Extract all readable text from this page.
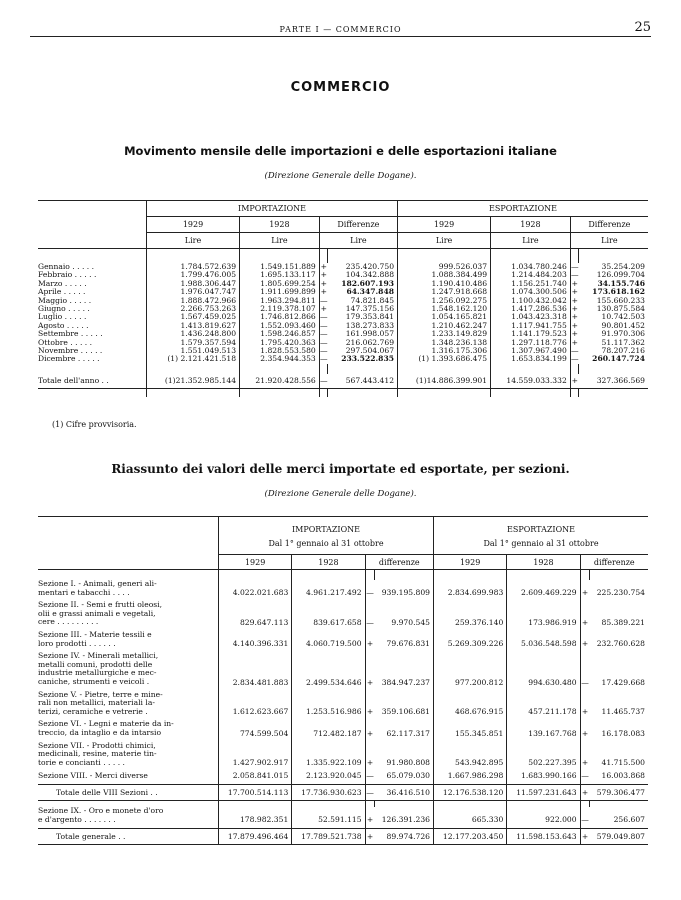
PARTE I — COMMERCIO	25
COMMERCIO
Movimento mensile delle importazioni e delle esportazioni italiane
(Direzione Generale delle Dogane).
	IMPORTAZIONE				ESPORTAZIONE			
	1929	1928	Differenze		1929	1928	Differenze	
	Lire	Lire	Lire		Lire	Lire	Lire	

Gennaio . . . . .	1.784.572.639	1.549.151.889	+	235.420.750	999.526.037	1.034.780.246	—	35.254.209
Febbraio . . . . .	1.799.476.005	1.695.133.117	+	104.342.888	1.088.384.499	1.214.484.203	—	126.099.704
Marzo . . . . .	1.988.306.447	1.805.699.254	+	182.607.193	1.190.410.486	1.156.251.740	+	34.155.746
Aprile . . . . .	1.976.047.747	1.911.699.899	+	64.347.848	1.247.918.668	1.074.300.506	+	173.618.162
Maggio . . . . .	1.888.472.966	1.963.294.811	—	74.821.845	1.256.092.275	1.100.432.042	+	155.660.233
Giugno . . . . .	2.266.753.263	2.119.378.107	+	147.375.156	1.548.162.120	1.417.286.536	+	130.875.584
Luglio . . . . .	1.567.459.025	1.746.812.866	—	179.353.841	1.054.165.821	1.043.423.318	+	10.742.503
Agosto . . . . .	1.413.819.627	1.552.093.460	—	138.273.833	1.210.462.247	1.117.941.755	+	90.801.452
Settembre . . . . .	1.436.248.800	1.598.246.857	—	161.998.057	1.233.149.829	1.141.179.523	+	91.970.306
Ottobre . . . . .	1.579.357.594	1.795.420.363	—	216.062.769	1.348.236.138	1.297.118.776	+	51.117.362
Novembre . . . . .	1.551.049.513	1.828.553.580	—	297.504.067	1.316.175.306	1.307.967.490	—	78.207.216
Dicembre . . . . .	(1) 2.121.421.518	2.354.944.353	—	233.522.835	(1) 1.393.686.475	1.653.834.199	—	260.147.724

Totale dell'anno . .	(1)21.352.985.144	21.920.428.556	—	567.443.412	(1)14.886.399.901	14.559.033.332	+	327.366.569

(1) Cifre provvisoria.
Riassunto dei valori delle merci importate ed esportate, per sezioni.
(Direzione Generale delle Dogane).
	IMPORTAZIONE				ESPORTAZIONE			
	Dal 1° gennaio al 31 ottobre				Dal 1° gennaio al 31 ottobre			
	1929	1928	differenze		1929	1928	differenze	

Sezione I. - Animali, generi ali-
mentari e tabacchi . . . .	4.022.021.683	4.961.217.492	—	939.195.809	2.834.699.983	2.609.469.229	+	225.230.754

Sezione II. - Semi e frutti oleosi,
olii e grassi animali e vegetali,
cere . . . . . . . . .	829.647.113	839.617.658	—	9.970.545	259.376.140	173.986.919	+	85.389.221

Sezione III. - Materie tessili e
loro prodotti . . . . . .	4.140.396.331	4.060.719.500	+	79.676.831	5.269.309.226	5.036.548.598	+	232.760.628

Sezione IV. - Minerali metallici,
metalli comuni, prodotti delle
industrie metallurgiche e mec-
caniche, strumenti e veicoli .	2.834.481.883	2.499.534.646	+	384.947.237	977.200.812	994.630.480	—	17.429.668

Sezione V. - Pietre, terre e mine-
rali non metallici, materiali la-
terizi, ceramiche e vetrerie .	1.612.623.667	1.253.516.986	+	359.106.681	468.676.915	457.211.178	+	11.465.737

Sezione VI. - Legni e materie da in-
treccio, da intaglio e da intarsio	774.599.504	712.482.187	+	62.117.317	155.345.851	139.167.768	+	16.178.083

Sezione VII. - Prodotti chimici,
medicinali, resine, materie tin-
torie e concianti . . . . .	1.427.902.917	1.335.922.109	+	91.980.808	543.942.895	502.227.395	+	41.715.500

Sezione VIII. - Merci diverse	2.058.841.015	2.123.920.045	—	65.079.030	1.667.986.298	1.683.990.166	—	16.003.868

Totale delle VIII Sezioni . .	17.700.514.113	17.736.930.623	—	36.416.510	12.176.538.120	11.597.231.643	+	579.306.477

Sezione IX. - Oro e monete d'oro
e d'argento . . . . . . .	178.982.351	52.591.115	+	126.391.236	665.330	922.000	—	256.607

Totale generale . .	17.879.496.464	17.789.521.738	+	89.974.726	12.177.203.450	11.598.153.643	+	579.049.807
